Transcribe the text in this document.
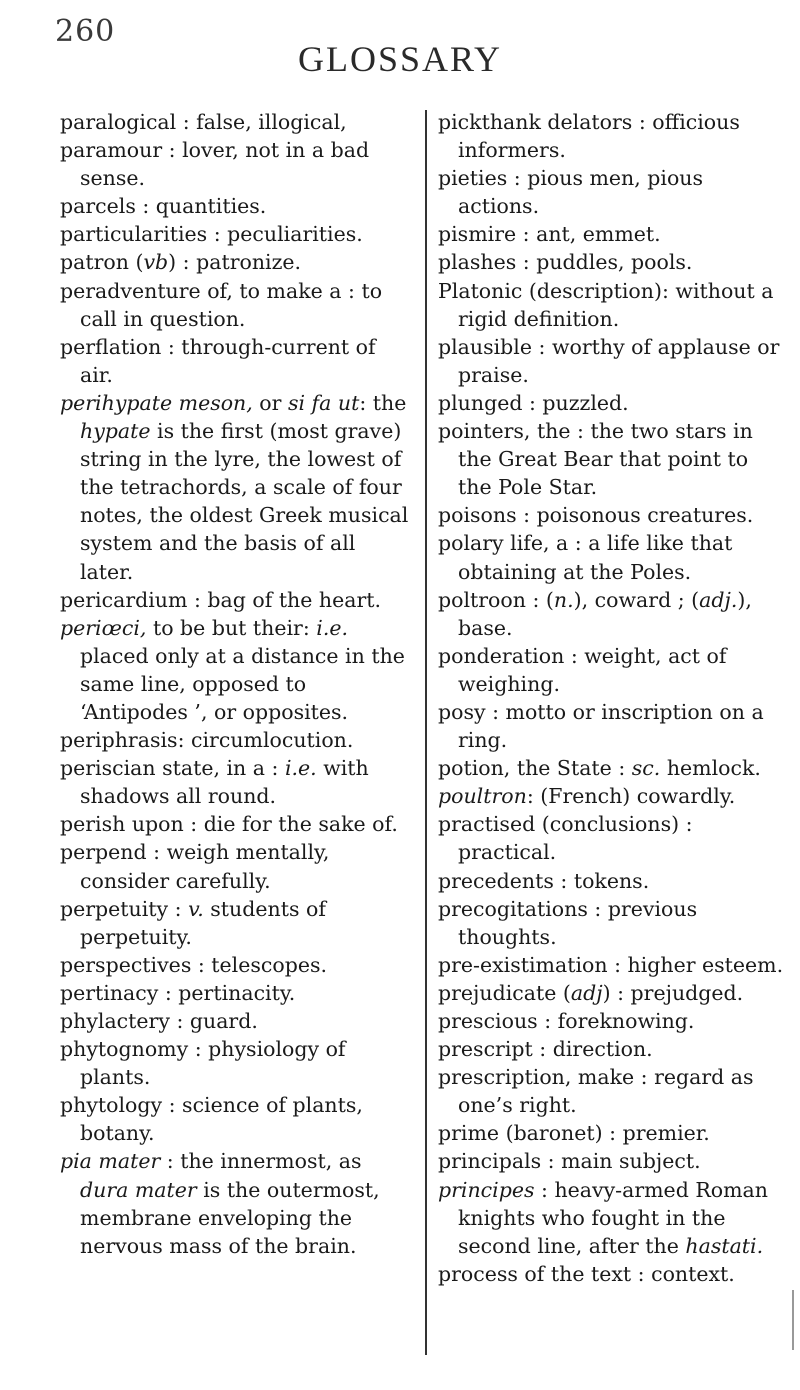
260
GLOSSARY

paralogical : false, illogical,

paramour : lover, not in a bad sense.

parcels : quantities.

particularities : peculiarities.

patron (vb) : patronize.

peradventure of, to make a : to call in question.

perflation : through-current of air.

perihypate meson, or si fa ut: the hypate is the first (most grave) string in the lyre, the lowest of the tetrachords, a scale of four notes, the oldest Greek musical system and the basis of all later.

pericardium : bag of the heart.

periœci, to be but their: i.e. placed only at a distance in the same line, opposed to ‘Antipodes ’, or opposites.

periphrasis: circumlocution.

periscian state, in a : i.e. with shadows all round.

perish upon : die for the sake of.

perpend : weigh mentally, consider carefully.

perpetuity : v. students of perpetuity.

perspectives : telescopes.

pertinacy : pertinacity.

phylactery : guard.

phytognomy : physiology of plants.

phytology : science of plants, botany.

pia mater : the innermost, as dura mater is the outermost, membrane enveloping the nervous mass of the brain.

pickthank delators : officious informers.

pieties : pious men, pious actions.

pismire : ant, emmet.

plashes : puddles, pools.

Platonic (description): without a rigid definition.

plausible : worthy of applause or praise.

plunged : puzzled.

pointers, the : the two stars in the Great Bear that point to the Pole Star.

poisons : poisonous creatures.

polary life, a : a life like that obtaining at the Poles.

poltroon : (n.), coward ; (adj.), base.

ponderation : weight, act of weighing.

posy : motto or inscription on a ring.

potion, the State : sc. hemlock.

poultron: (French) cowardly.

practised (conclusions) : practical.

precedents : tokens.

precogitations : previous thoughts.

pre-existimation : higher esteem.

prejudicate (adj) : prejudged.

prescious : foreknowing.

prescript : direction.

prescription, make : regard as one’s right.

prime (baronet) : premier.

principals : main subject.

principes : heavy-armed Roman knights who fought in the second line, after the hastati.

process of the text : context.
